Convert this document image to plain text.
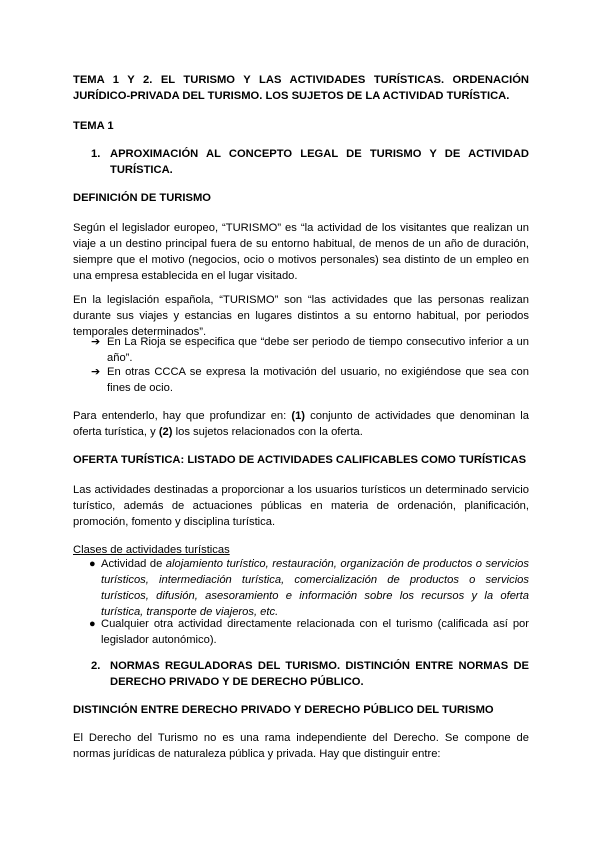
TEMA 1 Y 2. EL TURISMO Y LAS ACTIVIDADES TURÍSTICAS. ORDENACIÓN JURÍDICO-PRIVADA DEL TURISMO. LOS SUJETOS DE LA ACTIVIDAD TURÍSTICA.

TEMA 1

1. APROXIMACIÓN AL CONCEPTO LEGAL DE TURISMO Y DE ACTIVIDAD TURÍSTICA.

DEFINICIÓN DE TURISMO

Según el legislador europeo, “TURISMO” es “la actividad de los visitantes que realizan un viaje a un destino principal fuera de su entorno habitual, de menos de un año de duración, siempre que el motivo (negocios, ocio o motivos personales) sea distinto de un empleo en una empresa establecida en el lugar visitado.

En la legislación española, “TURISMO” son “las actividades que las personas realizan durante sus viajes y estancias en lugares distintos a su entorno habitual, por periodos temporales determinados”.

➔ En La Rioja se especifica que “debe ser periodo de tiempo consecutivo inferior a un año”.

➔ En otras CCCA se expresa la motivación del usuario, no exigiéndose que sea con fines de ocio.

Para entenderlo, hay que profundizar en: (1) conjunto de actividades que denominan la oferta turística, y (2) los sujetos relacionados con la oferta.

OFERTA TURÍSTICA: LISTADO DE ACTIVIDADES CALIFICABLES COMO TURÍSTICAS

Las actividades destinadas a proporcionar a los usuarios turísticos un determinado servicio turístico, además de actuaciones públicas en materia de ordenación, planificación, promoción, fomento y disciplina turística.

Clases de actividades turísticas

● Actividad de alojamiento turístico, restauración, organización de productos o servicios turísticos, intermediación turística, comercialización de productos o servicios turísticos, difusión, asesoramiento e información sobre los recursos y la oferta turística, transporte de viajeros, etc.

● Cualquier otra actividad directamente relacionada con el turismo (calificada así por legislador autonómico).

2. NORMAS REGULADORAS DEL TURISMO. DISTINCIÓN ENTRE NORMAS DE DERECHO PRIVADO Y DE DERECHO PÚBLICO.

DISTINCIÓN ENTRE DERECHO PRIVADO Y DERECHO PÚBLICO DEL TURISMO

El Derecho del Turismo no es una rama independiente del Derecho. Se compone de normas jurídicas de naturaleza pública y privada. Hay que distinguir entre:
